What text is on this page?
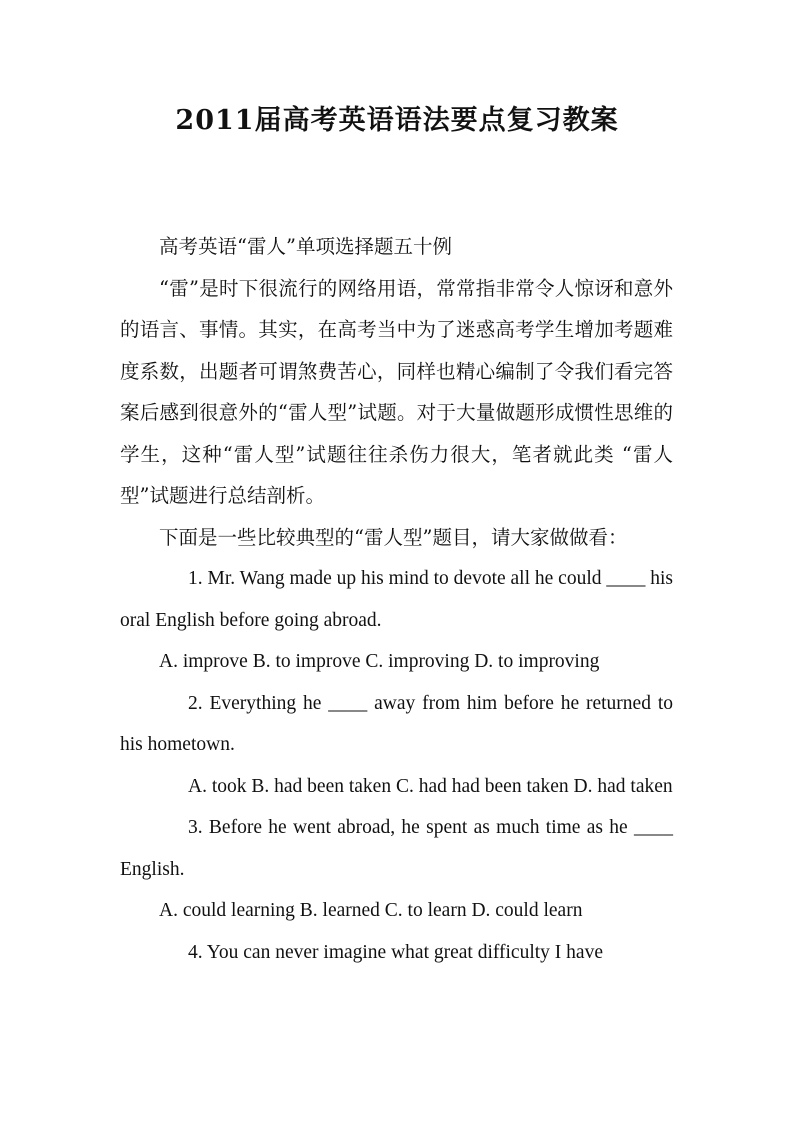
2011届高考英语语法要点复习教案

高考英语“雷人”单项选择题五十例

“雷”是时下很流行的网络用语，常常指非常令人惊讶和意外的语言、事情。其实，在高考当中为了迷惑高考学生增加考题难度系数，出题者可谓煞费苦心，同样也精心编制了令我们看完答案后感到很意外的“雷人型”试题。对于大量做题形成惯性思维的学生，这种“雷人型”试题往往杀伤力很大，笔者就此类 “雷人型”试题进行总结剖析。

下面是一些比较典型的“雷人型”题目，请大家做做看：

1. Mr. Wang made up his mind to devote all he could ____ his oral English before going abroad.

A. improve B. to improve C. improving D. to improving

2. Everything he ____ away from him before he returned to his hometown.

A. took B. had been taken C. had had been taken D. had taken

3. Before he went abroad, he spent as much time as he ____ English.

A. could learning B. learned C. to learn D. could learn

4. You can never imagine what great difficulty I have
